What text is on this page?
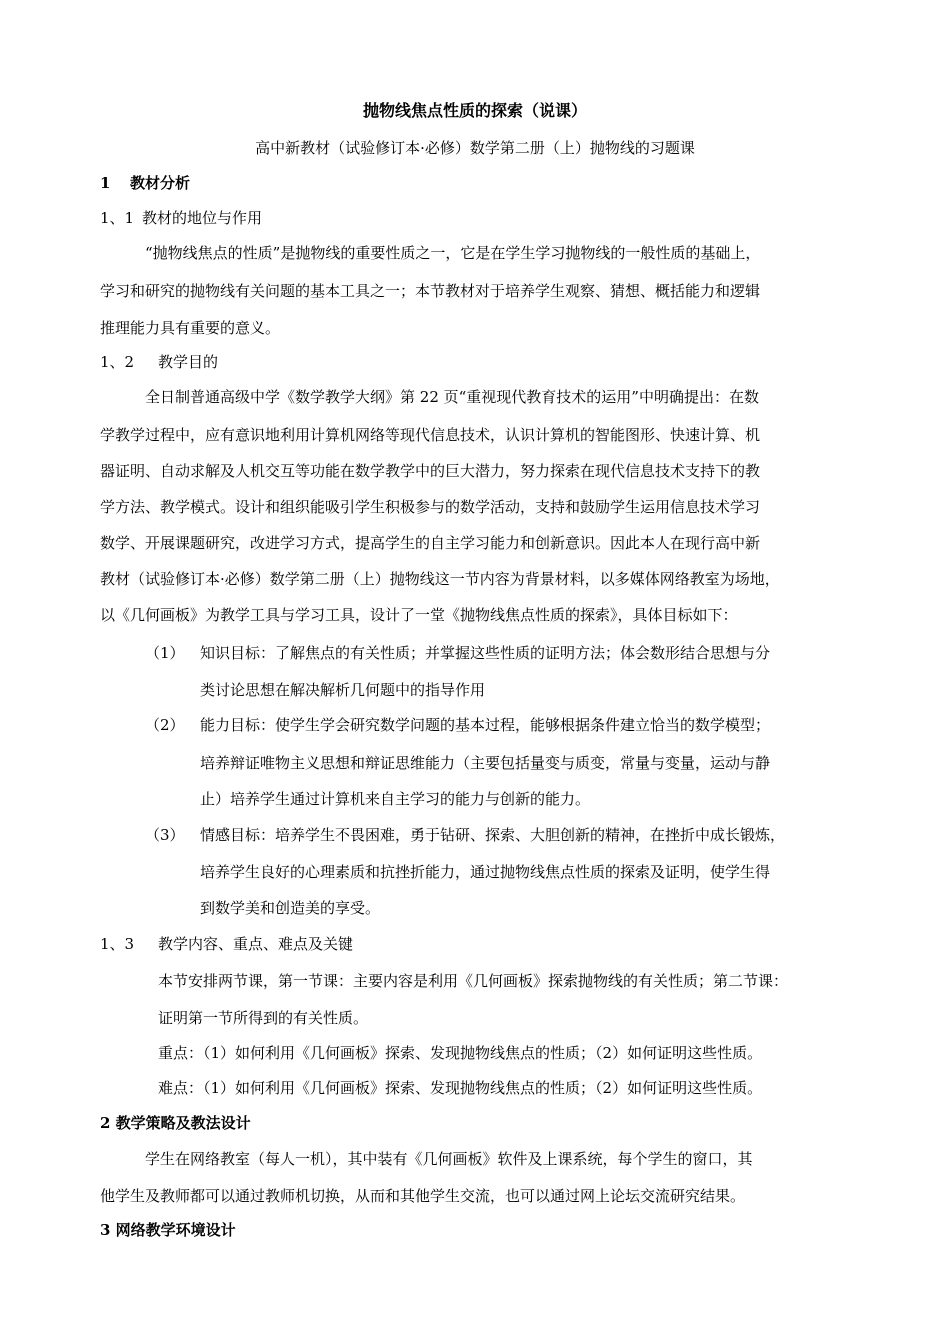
抛物线焦点性质的探索（说课）
高中新教材（试验修订本·必修）数学第二册（上）抛物线的习题课
1 教材分析
1、1 教材的地位与作用
“抛物线焦点的性质”是抛物线的重要性质之一，它是在学生学习抛物线的一般性质的基础上，
学习和研究的抛物线有关问题的基本工具之一；本节教材对于培养学生观察、猜想、概括能力和逻辑
推理能力具有重要的意义。
1、2 教学目的
全日制普通高级中学《数学教学大纲》第 22 页“重视现代教育技术的运用”中明确提出：在数
学教学过程中，应有意识地利用计算机网络等现代信息技术，认识计算机的智能图形、快速计算、机
器证明、自动求解及人机交互等功能在数学教学中的巨大潜力，努力探索在现代信息技术支持下的教
学方法、教学模式。设计和组织能吸引学生积极参与的数学活动，支持和鼓励学生运用信息技术学习
数学、开展课题研究，改进学习方式，提高学生的自主学习能力和创新意识。因此本人在现行高中新
教材（试验修订本·必修）数学第二册（上）抛物线这一节内容为背景材料，以多媒体网络教室为场地，
以《几何画板》为教学工具与学习工具，设计了一堂《抛物线焦点性质的探索》，具体目标如下：
（1） 知识目标：了解焦点的有关性质；并掌握这些性质的证明方法；体会数形结合思想与分
类讨论思想在解决解析几何题中的指导作用
（2） 能力目标：使学生学会研究数学问题的基本过程，能够根据条件建立恰当的数学模型；
培养辩证唯物主义思想和辩证思维能力（主要包括量变与质变，常量与变量，运动与静
止）培养学生通过计算机来自主学习的能力与创新的能力。
（3） 情感目标：培养学生不畏困难，勇于钻研、探索、大胆创新的精神，在挫折中成长锻炼，
培养学生良好的心理素质和抗挫折能力，通过抛物线焦点性质的探索及证明，使学生得
到数学美和创造美的享受。
1、3 教学内容、重点、难点及关键
本节安排两节课，第一节课：主要内容是利用《几何画板》探索抛物线的有关性质；第二节课：
证明第一节所得到的有关性质。
重点：（1）如何利用《几何画板》探索、发现抛物线焦点的性质；（2）如何证明这些性质。
难点：（1）如何利用《几何画板》探索、发现抛物线焦点的性质；（2）如何证明这些性质。
2 教学策略及教法设计
学生在网络教室（每人一机），其中装有《几何画板》软件及上课系统，每个学生的窗口，其
他学生及教师都可以通过教师机切换，从而和其他学生交流，也可以通过网上论坛交流研究结果。
3 网络教学环境设计
